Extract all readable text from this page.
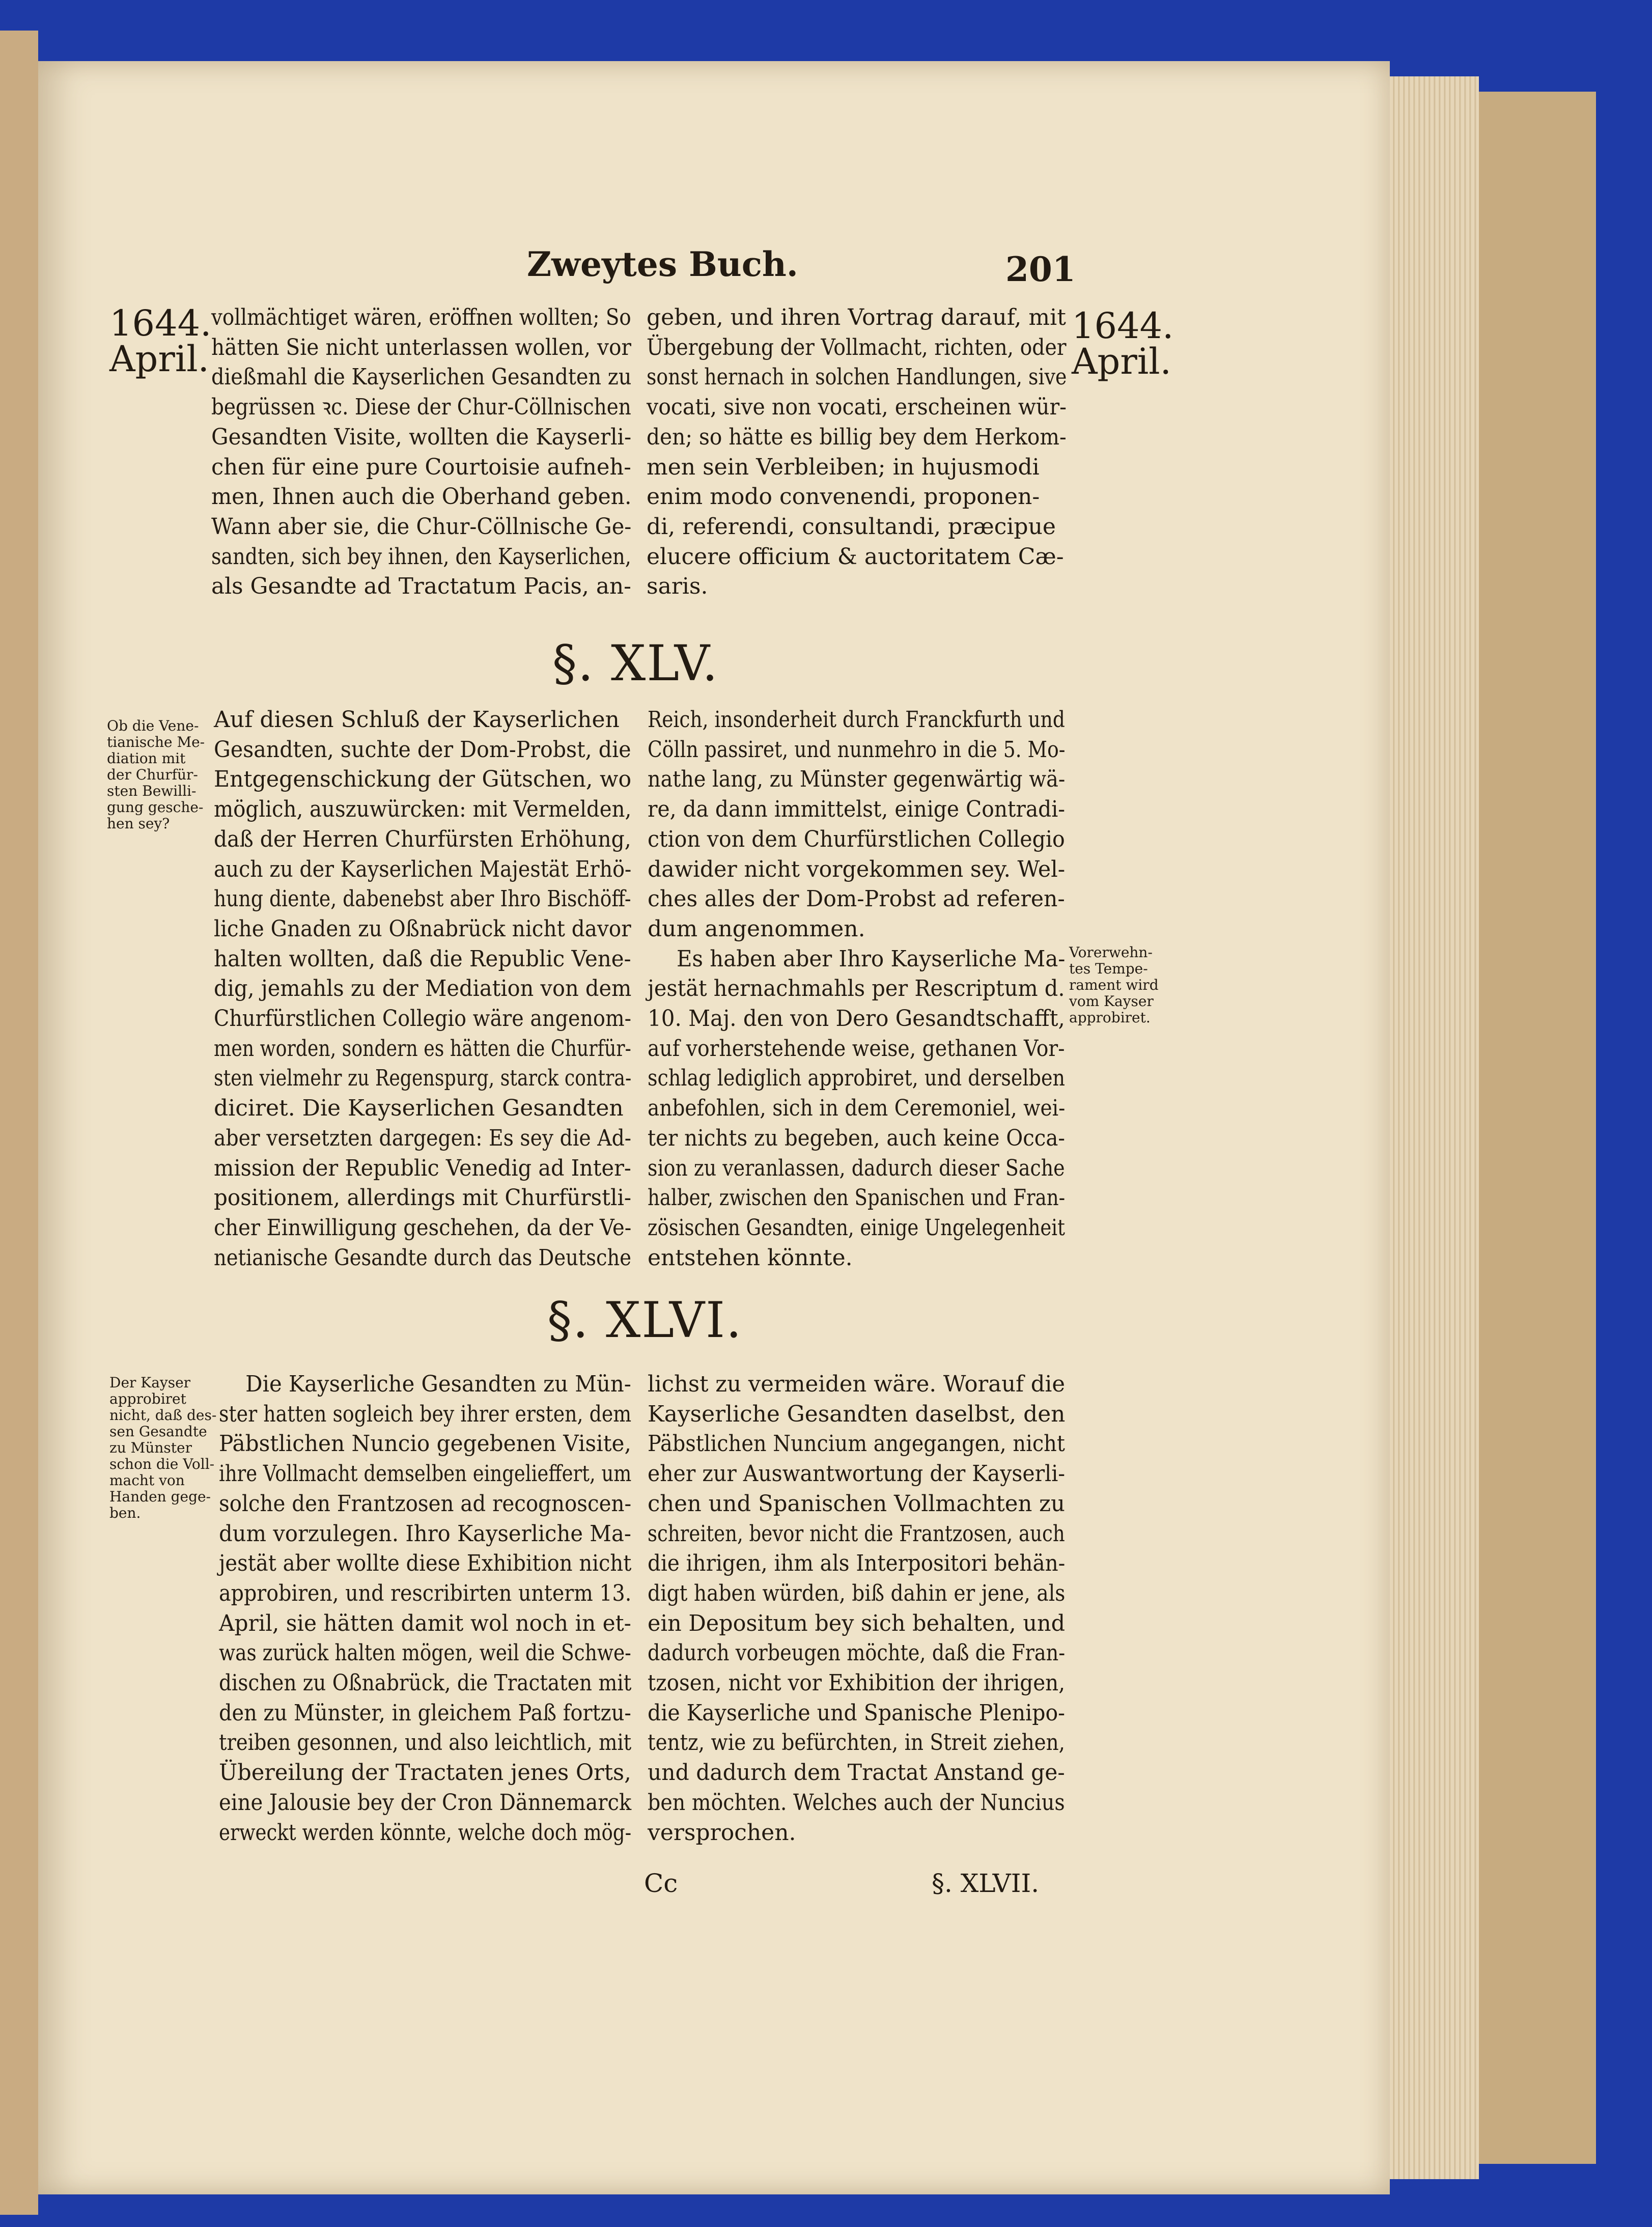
Zweytes Buch.	201
1644.
April.
1644.
April.

vollmächtiget wären, eröffnen wollten; So

hätten Sie nicht unterlassen wollen, vor

dießmahl die Kayserlichen Gesandten zu

begrüssen ꝛc. Diese der Chur-Cöllnischen

Gesandten Visite, wollten die Kayserli-

chen für eine pure Courtoisie aufneh-

men, Ihnen auch die Oberhand geben.

Wann aber sie, die Chur-Cöllnische Ge-

sandten, sich bey ihnen, den Kayserlichen,

als Gesandte ad Tractatum Pacis, an-

geben, und ihren Vortrag darauf, mit

Übergebung der Vollmacht, richten, oder

sonst hernach in solchen Handlungen, sive

vocati, sive non vocati, erscheinen wür-

den; so hätte es billig bey dem Herkom-

men sein Verbleiben; in hujusmodi

enim modo convenendi, proponen-

di, referendi, consultandi, præcipue

elucere officium & auctoritatem Cæ-

saris.

§. XLV.

Ob die Vene-

tianische Me-

diation mit

der Churfür-

sten Bewilli-

gung gesche-

hen sey?

Vorerwehn-

tes Tempe-

rament wird

vom Kayser

approbiret.

Auf diesen Schluß der Kayserlichen

Gesandten, suchte der Dom-Probst, die

Entgegenschickung der Gütschen, wo

möglich, auszuwürcken: mit Vermelden,

daß der Herren Churfürsten Erhöhung,

auch zu der Kayserlichen Majestät Erhö-

hung diente, dabenebst aber Ihro Bischöff-

liche Gnaden zu Oßnabrück nicht davor

halten wollten, daß die Republic Vene-

dig, jemahls zu der Mediation von dem

Churfürstlichen Collegio wäre angenom-

men worden, sondern es hätten die Churfür-

sten vielmehr zu Regenspurg, starck contra-

diciret. Die Kayserlichen Gesandten

aber versetzten dargegen: Es sey die Ad-

mission der Republic Venedig ad Inter-

positionem, allerdings mit Churfürstli-

cher Einwilligung geschehen, da der Ve-

netianische Gesandte durch das Deutsche

Reich, insonderheit durch Franckfurth und

Cölln passiret, und nunmehro in die 5. Mo-

nathe lang, zu Münster gegenwärtig wä-

re, da dann immittelst, einige Contradi-

ction von dem Churfürstlichen Collegio

dawider nicht vorgekommen sey. Wel-

ches alles der Dom-Probst ad referen-

dum angenommen.

Es haben aber Ihro Kayserliche Ma-

jestät hernachmahls per Rescriptum d.

10. Maj. den von Dero Gesandtschafft,

auf vorherstehende weise, gethanen Vor-

schlag lediglich approbiret, und derselben

anbefohlen, sich in dem Ceremoniel, wei-

ter nichts zu begeben, auch keine Occa-

sion zu veranlassen, dadurch dieser Sache

halber, zwischen den Spanischen und Fran-

zösischen Gesandten, einige Ungelegenheit

entstehen könnte.

§. XLVI.

Der Kayser

approbiret

nicht, daß des-

sen Gesandte

zu Münster

schon die Voll-

macht von

Handen gege-

ben.

Die Kayserliche Gesandten zu Mün-

ster hatten sogleich bey ihrer ersten, dem

Päbstlichen Nuncio gegebenen Visite,

ihre Vollmacht demselben eingelieffert, um

solche den Frantzosen ad recognoscen-

dum vorzulegen. Ihro Kayserliche Ma-

jestät aber wollte diese Exhibition nicht

approbiren, und rescribirten unterm 13.

April, sie hätten damit wol noch in et-

was zurück halten mögen, weil die Schwe-

dischen zu Oßnabrück, die Tractaten mit

den zu Münster, in gleichem Paß fortzu-

treiben gesonnen, und also leichtlich, mit

Übereilung der Tractaten jenes Orts,

eine Jalousie bey der Cron Dännemarck

erweckt werden könnte, welche doch mög-

lichst zu vermeiden wäre. Worauf die

Kayserliche Gesandten daselbst, den

Päbstlichen Nuncium angegangen, nicht

eher zur Auswantwortung der Kayserli-

chen und Spanischen Vollmachten zu

schreiten, bevor nicht die Frantzosen, auch

die ihrigen, ihm als Interpositori behän-

digt haben würden, biß dahin er jene, als

ein Depositum bey sich behalten, und

dadurch vorbeugen möchte, daß die Fran-

tzosen, nicht vor Exhibition der ihrigen,

die Kayserliche und Spanische Plenipo-

tentz, wie zu befürchten, in Streit ziehen,

und dadurch dem Tractat Anstand ge-

ben möchten. Welches auch der Nuncius

versprochen.

Cc	§. XLVII.
